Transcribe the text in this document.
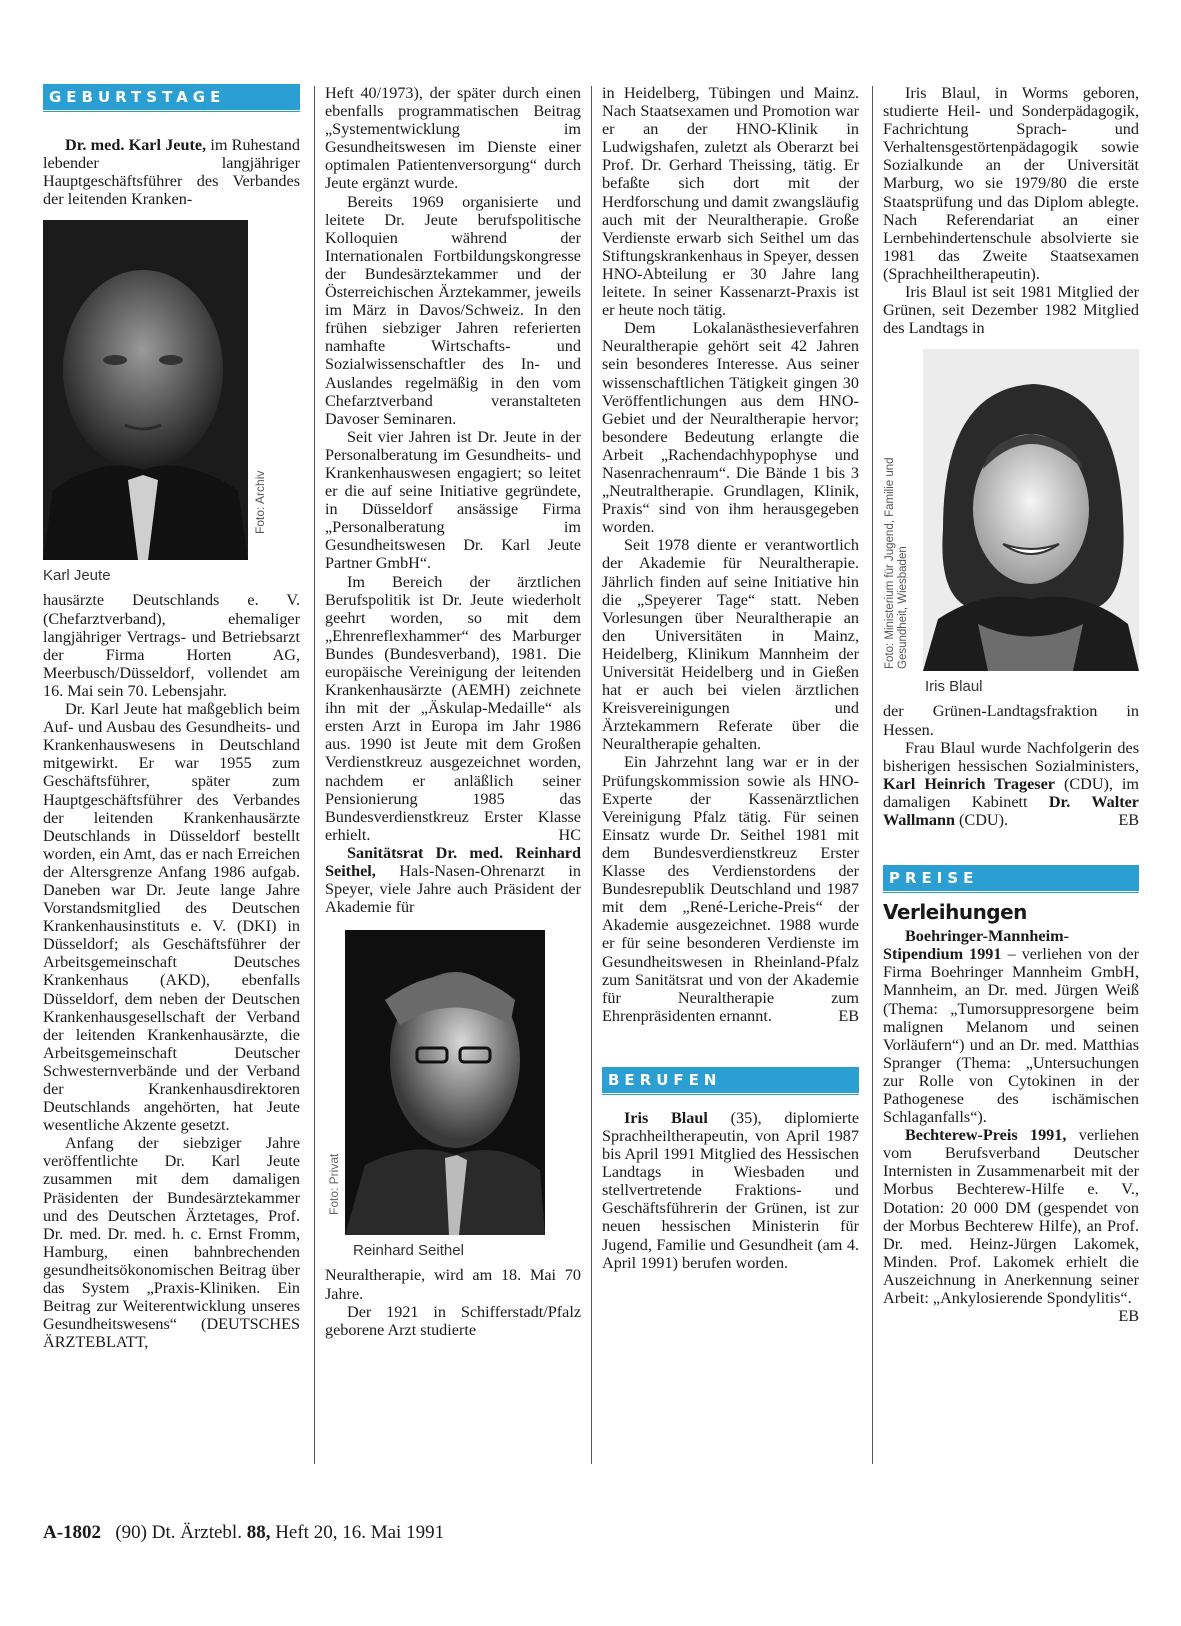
GEBURTSTAGE

Dr. med. Karl Jeute, im Ruhestand lebender langjähriger Hauptgeschäftsführer des Verbandes der leitenden Kranken-

Foto: Archiv
Karl Jeute

hausärzte Deutschlands e. V. (Chefarztverband), ehemaliger langjähriger Vertrags- und Betriebsarzt der Firma Horten AG, Meerbusch/Düsseldorf, vollendet am 16. Mai sein 70. Lebensjahr.

Dr. Karl Jeute hat maßgeblich beim Auf- und Ausbau des Gesundheits- und Krankenhauswesens in Deutschland mitgewirkt. Er war 1955 zum Geschäftsführer, später zum Hauptgeschäftsführer des Verbandes der leitenden Krankenhausärzte Deutschlands in Düsseldorf bestellt worden, ein Amt, das er nach Erreichen der Altersgrenze Anfang 1986 aufgab. Daneben war Dr. Jeute lange Jahre Vorstandsmitglied des Deutschen Krankenhausinstituts e. V. (DKI) in Düsseldorf; als Geschäftsführer der Arbeitsgemeinschaft Deutsches Krankenhaus (AKD), ebenfalls Düsseldorf, dem neben der Deutschen Krankenhausgesellschaft der Verband der leitenden Krankenhausärzte, die Arbeitsgemeinschaft Deutscher Schwesternverbände und der Verband der Krankenhausdirektoren Deutschlands angehörten, hat Jeute wesentliche Akzente gesetzt.

Anfang der siebziger Jahre veröffentlichte Dr. Karl Jeute zusammen mit dem damaligen Präsidenten der Bundesärztekammer und des Deutschen Ärztetages, Prof. Dr. med. Dr. med. h. c. Ernst Fromm, Hamburg, einen bahnbrechenden gesundheitsökonomischen Beitrag über das System „Praxis-Kliniken. Ein Beitrag zur Weiterentwicklung unseres Gesundheitswesens“ (DEUTSCHES ÄRZTEBLATT,

Heft 40/1973), der später durch einen ebenfalls programmatischen Beitrag „Systementwicklung im Gesundheitswesen im Dienste einer optimalen Patientenversorgung“ durch Jeute ergänzt wurde.

Bereits 1969 organisierte und leitete Dr. Jeute berufspolitische Kolloquien während der Internationalen Fortbildungskongresse der Bundesärztekammer und der Österreichischen Ärztekammer, jeweils im März in Davos/Schweiz. In den frühen siebziger Jahren referierten namhafte Wirtschafts- und Sozialwissenschaftler des In- und Auslandes regelmäßig in den vom Chefarztverband veranstalteten Davoser Seminaren.

Seit vier Jahren ist Dr. Jeute in der Personalberatung im Gesundheits- und Krankenhauswesen engagiert; so leitet er die auf seine Initiative gegründete, in Düsseldorf ansässige Firma „Personalberatung im Gesundheitswesen Dr. Karl Jeute Partner GmbH“.

Im Bereich der ärztlichen Berufspolitik ist Dr. Jeute wiederholt geehrt worden, so mit dem „Ehrenreflexhammer“ des Marburger Bundes (Bundesverband), 1981. Die europäische Vereinigung der leitenden Krankenhausärzte (AEMH) zeichnete ihn mit der „Äskulap-Medaille“ als ersten Arzt in Europa im Jahr 1986 aus. 1990 ist Jeute mit dem Großen Verdienstkreuz ausgezeichnet worden, nachdem er anläßlich seiner Pensionierung 1985 das Bundesverdienstkreuz Erster Klasse erhielt.	HC

Sanitätsrat Dr. med. Reinhard Seithel, Hals-Nasen-Ohrenarzt in Speyer, viele Jahre auch Präsident der Akademie für

Foto: Privat
Reinhard Seithel

Neuraltherapie, wird am 18. Mai 70 Jahre.

Der 1921 in Schifferstadt/Pfalz geborene Arzt studierte

in Heidelberg, Tübingen und Mainz. Nach Staatsexamen und Promotion war er an der HNO-Klinik in Ludwigshafen, zuletzt als Oberarzt bei Prof. Dr. Gerhard Theissing, tätig. Er befaßte sich dort mit der Herdforschung und damit zwangsläufig auch mit der Neuraltherapie. Große Verdienste erwarb sich Seithel um das Stiftungskrankenhaus in Speyer, dessen HNO-Abteilung er 30 Jahre lang leitete. In seiner Kassenarzt-Praxis ist er heute noch tätig.

Dem Lokalanästhesieverfahren Neuraltherapie gehört seit 42 Jahren sein besonderes Interesse. Aus seiner wissenschaftlichen Tätigkeit gingen 30 Veröffentlichungen aus dem HNO-Gebiet und der Neuraltherapie hervor; besondere Bedeutung erlangte die Arbeit „Rachendachhypophyse und Nasenrachenraum“. Die Bände 1 bis 3 „Neutraltherapie. Grundlagen, Klinik, Praxis“ sind von ihm herausgegeben worden.

Seit 1978 diente er verantwortlich der Akademie für Neuraltherapie. Jährlich finden auf seine Initiative hin die „Speyerer Tage“ statt. Neben Vorlesungen über Neuraltherapie an den Universitäten in Mainz, Heidelberg, Klinikum Mannheim der Universität Heidelberg und in Gießen hat er auch bei vielen ärztlichen Kreisvereinigungen und Ärztekammern Referate über die Neuraltherapie gehalten.

Ein Jahrzehnt lang war er in der Prüfungskommission sowie als HNO-Experte der Kassenärztlichen Vereinigung Pfalz tätig. Für seinen Einsatz wurde Dr. Seithel 1981 mit dem Bundesverdienstkreuz Erster Klasse des Verdienstordens der Bundesrepublik Deutschland und 1987 mit dem „René-Leriche-Preis“ der Akademie ausgezeichnet. 1988 wurde er für seine besonderen Verdienste im Gesundheitswesen in Rheinland-Pfalz zum Sanitätsrat und von der Akademie für Neuraltherapie zum Ehrenpräsidenten ernannt.	EB

BERUFEN

Iris Blaul (35), diplomierte Sprachheiltherapeutin, von April 1987 bis April 1991 Mitglied des Hessischen Landtags in Wiesbaden und stellvertretende Fraktions- und Geschäftsführerin der Grünen, ist zur neuen hessischen Ministerin für Jugend, Familie und Gesundheit (am 4. April 1991) berufen worden.

Iris Blaul, in Worms geboren, studierte Heil- und Sonderpädagogik, Fachrichtung Sprach- und Verhaltensgestörtenpädagogik sowie Sozialkunde an der Universität Marburg, wo sie 1979/80 die erste Staatsprüfung und das Diplom ablegte. Nach Referendariat an einer Lernbehindertenschule absolvierte sie 1981 das Zweite Staatsexamen (Sprachheiltherapeutin).

Iris Blaul ist seit 1981 Mitglied der Grünen, seit Dezember 1982 Mitglied des Landtags in

Foto: Ministerium für Jugend, Familie und Gesundheit, Wiesbaden
Iris Blaul

der Grünen-Landtagsfraktion in Hessen.

Frau Blaul wurde Nachfolgerin des bisherigen hessischen Sozialministers, Karl Heinrich Trageser (CDU), im damaligen Kabinett Dr. Walter Wallmann (CDU).	EB

PREISE
Verleihungen

Boehringer-Mannheim-Stipendium 1991 – verliehen von der Firma Boehringer Mannheim GmbH, Mannheim, an Dr. med. Jürgen Weiß (Thema: „Tumorsuppresorgene beim malignen Melanom und seinen Vorläufern“) und an Dr. med. Matthias Spranger (Thema: „Untersuchungen zur Rolle von Cytokinen in der Pathogenese des ischämischen Schlaganfalls“).

Bechterew-Preis 1991, verliehen vom Berufsverband Deutscher Internisten in Zusammenarbeit mit der Morbus Bechterew-Hilfe e. V., Dotation: 20 000 DM (gespendet von der Morbus Bechterew Hilfe), an Prof. Dr. med. Heinz-Jürgen Lakomek, Minden. Prof. Lakomek erhielt die Auszeichnung in Anerkennung seiner Arbeit: „Ankylosierende Spondylitis“.
EB

A-1802 (90) Dt. Ärztebl. 88, Heft 20, 16. Mai 1991
